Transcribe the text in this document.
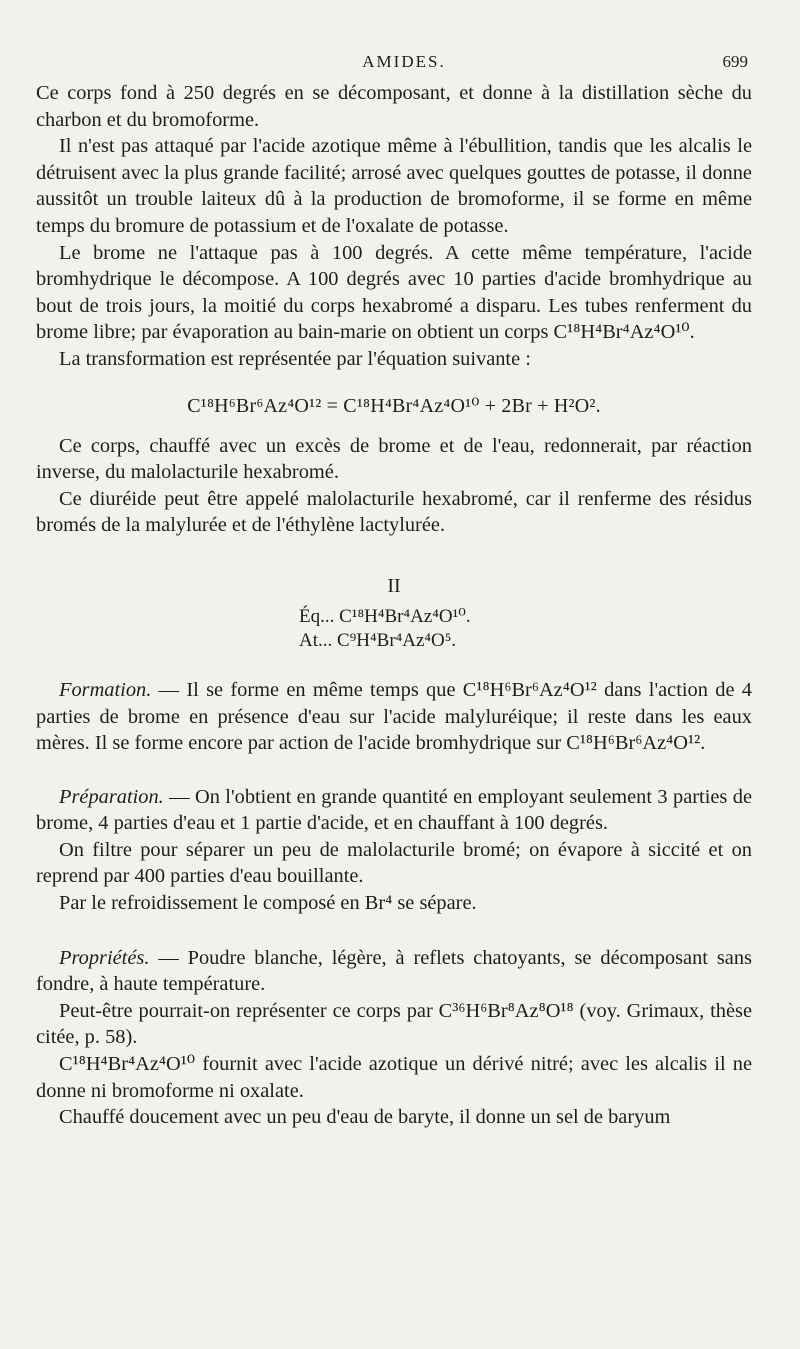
AMIDES.	699

Ce corps fond à 250 degrés en se décomposant, et donne à la distillation sèche du charbon et du bromoforme.

Il n'est pas attaqué par l'acide azotique même à l'ébullition, tandis que les alcalis le détruisent avec la plus grande facilité; arrosé avec quelques gouttes de potasse, il donne aussitôt un trouble laiteux dû à la production de bromoforme, il se forme en même temps du bromure de potassium et de l'oxalate de potasse.

Le brome ne l'attaque pas à 100 degrés. A cette même température, l'acide bromhydrique le décompose. A 100 degrés avec 10 parties d'acide bromhydrique au bout de trois jours, la moitié du corps hexabromé a disparu. Les tubes renferment du brome libre; par évaporation au bain-marie on obtient un corps C¹⁸H⁴Br⁴Az⁴O¹⁰.

La transformation est représentée par l'équation suivante :

C¹⁸H⁶Br⁶Az⁴O¹² = C¹⁸H⁴Br⁴Az⁴O¹⁰ + 2Br + H²O².

Ce corps, chauffé avec un excès de brome et de l'eau, redonnerait, par réaction inverse, du malolacturile hexabromé.

Ce diuréide peut être appelé malolacturile hexabromé, car il renferme des résidus bromés de la malylurée et de l'éthylène lactylurée.

II

Éq... C¹⁸H⁴Br⁴Az⁴O¹⁰.
At... C⁹H⁴Br⁴Az⁴O⁵.

Formation. — Il se forme en même temps que C¹⁸H⁶Br⁶Az⁴O¹² dans l'action de 4 parties de brome en présence d'eau sur l'acide malyluréique; il reste dans les eaux mères. Il se forme encore par action de l'acide bromhydrique sur C¹⁸H⁶Br⁶Az⁴O¹².

Préparation. — On l'obtient en grande quantité en employant seulement 3 parties de brome, 4 parties d'eau et 1 partie d'acide, et en chauffant à 100 degrés.

On filtre pour séparer un peu de malolacturile bromé; on évapore à siccité et on reprend par 400 parties d'eau bouillante.

Par le refroidissement le composé en Br⁴ se sépare.

Propriétés. — Poudre blanche, légère, à reflets chatoyants, se décomposant sans fondre, à haute température.

Peut-être pourrait-on représenter ce corps par C³⁶H⁶Br⁸Az⁸O¹⁸ (voy. Grimaux, thèse citée, p. 58).

C¹⁸H⁴Br⁴Az⁴O¹⁰ fournit avec l'acide azotique un dérivé nitré; avec les alcalis il ne donne ni bromoforme ni oxalate.

Chauffé doucement avec un peu d'eau de baryte, il donne un sel de baryum
